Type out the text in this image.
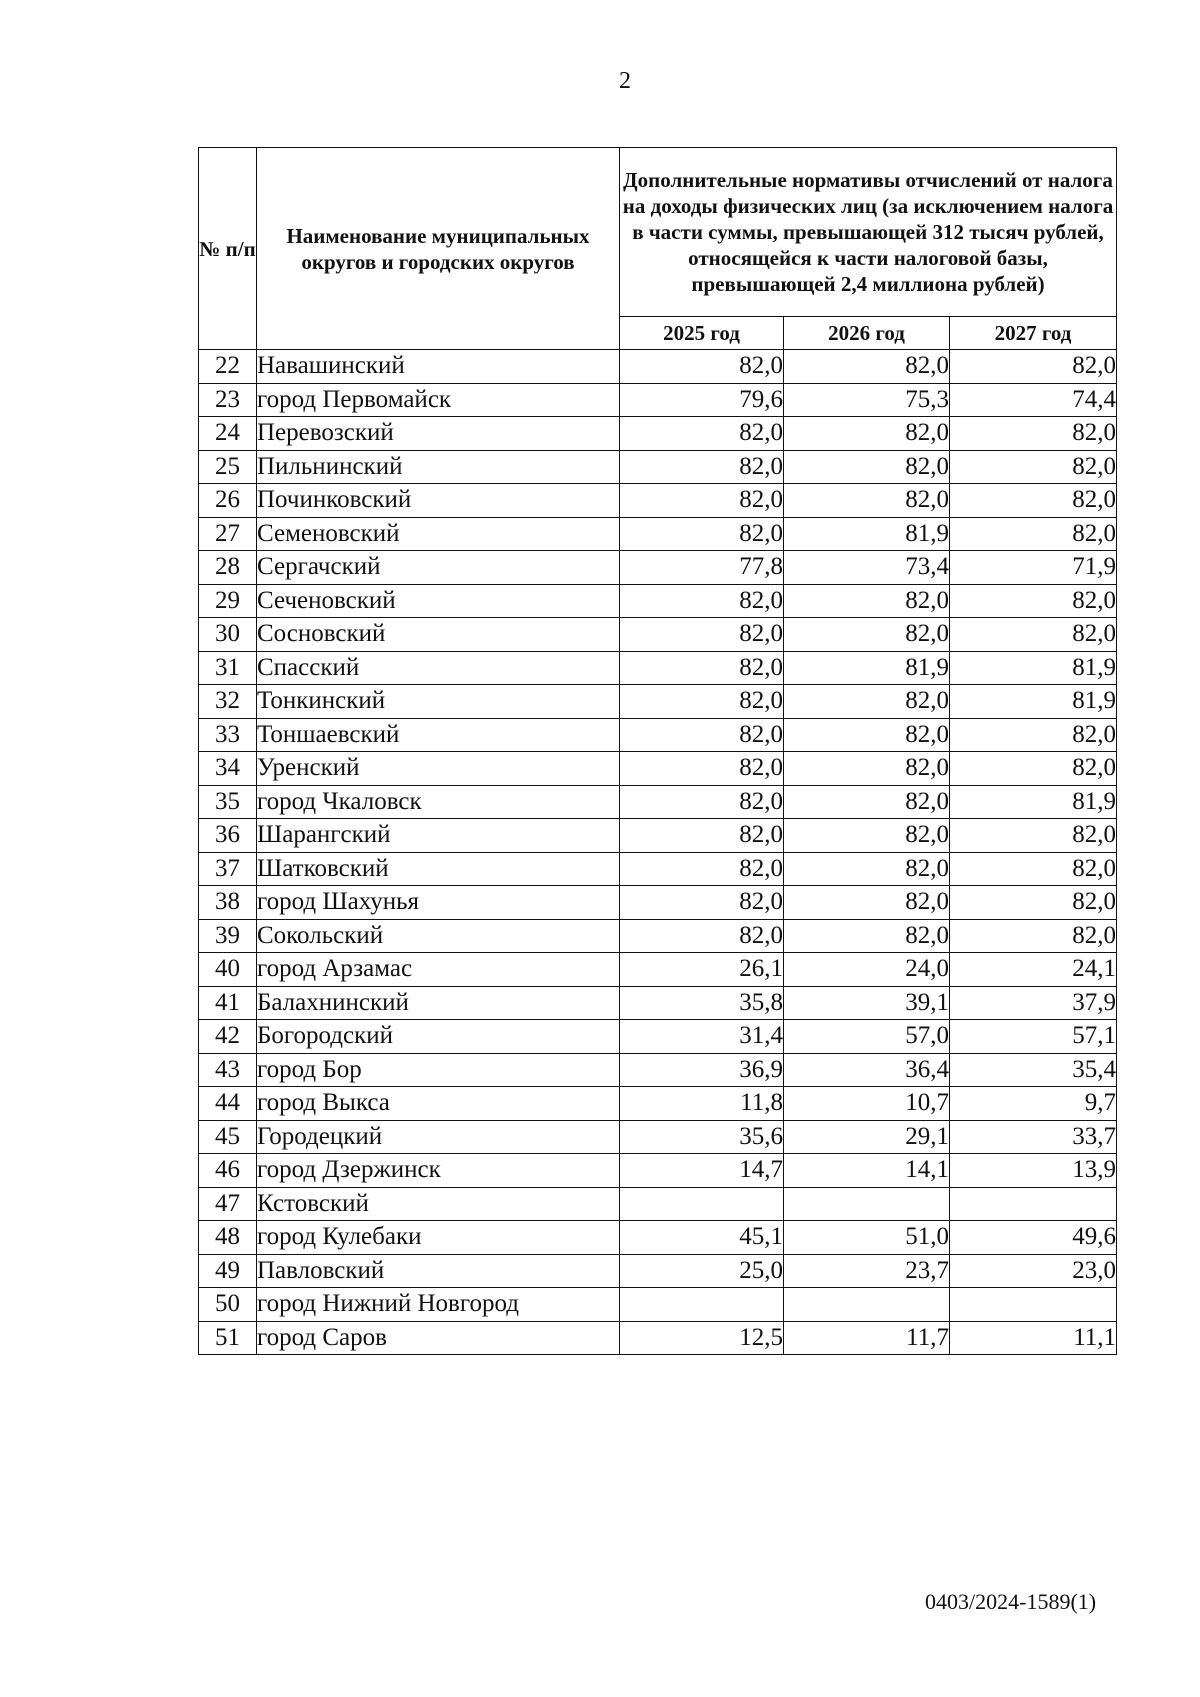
2
№ п/п	Наименование муниципальных округов и городских округов	Дополнительные нормативы отчислений от налога на доходы физических лиц (за исключением налога в части суммы, превышающей 312 тысяч рублей, относящейся к части налоговой базы, превышающей 2,4 миллиона рублей)		
		2025 год	2026 год	2027 год
22	Навашинский	82,0	82,0	82,0
23	город Первомайск	79,6	75,3	74,4
24	Перевозский	82,0	82,0	82,0
25	Пильнинский	82,0	82,0	82,0
26	Починковский	82,0	82,0	82,0
27	Семеновский	82,0	81,9	82,0
28	Сергачский	77,8	73,4	71,9
29	Сеченовский	82,0	82,0	82,0
30	Сосновский	82,0	82,0	82,0
31	Спасский	82,0	81,9	81,9
32	Тонкинский	82,0	82,0	81,9
33	Тоншаевский	82,0	82,0	82,0
34	Уренский	82,0	82,0	82,0
35	город Чкаловск	82,0	82,0	81,9
36	Шарангский	82,0	82,0	82,0
37	Шатковский	82,0	82,0	82,0
38	город Шахунья	82,0	82,0	82,0
39	Сокольский	82,0	82,0	82,0
40	город Арзамас	26,1	24,0	24,1
41	Балахнинский	35,8	39,1	37,9
42	Богородский	31,4	57,0	57,1
43	город Бор	36,9	36,4	35,4
44	город Выкса	11,8	10,7	9,7
45	Городецкий	35,6	29,1	33,7
46	город Дзержинск	14,7	14,1	13,9
47	Кстовский			
48	город Кулебаки	45,1	51,0	49,6
49	Павловский	25,0	23,7	23,0
50	город Нижний Новгород			
51	город Саров	12,5	11,7	11,1
0403/2024-1589(1)
